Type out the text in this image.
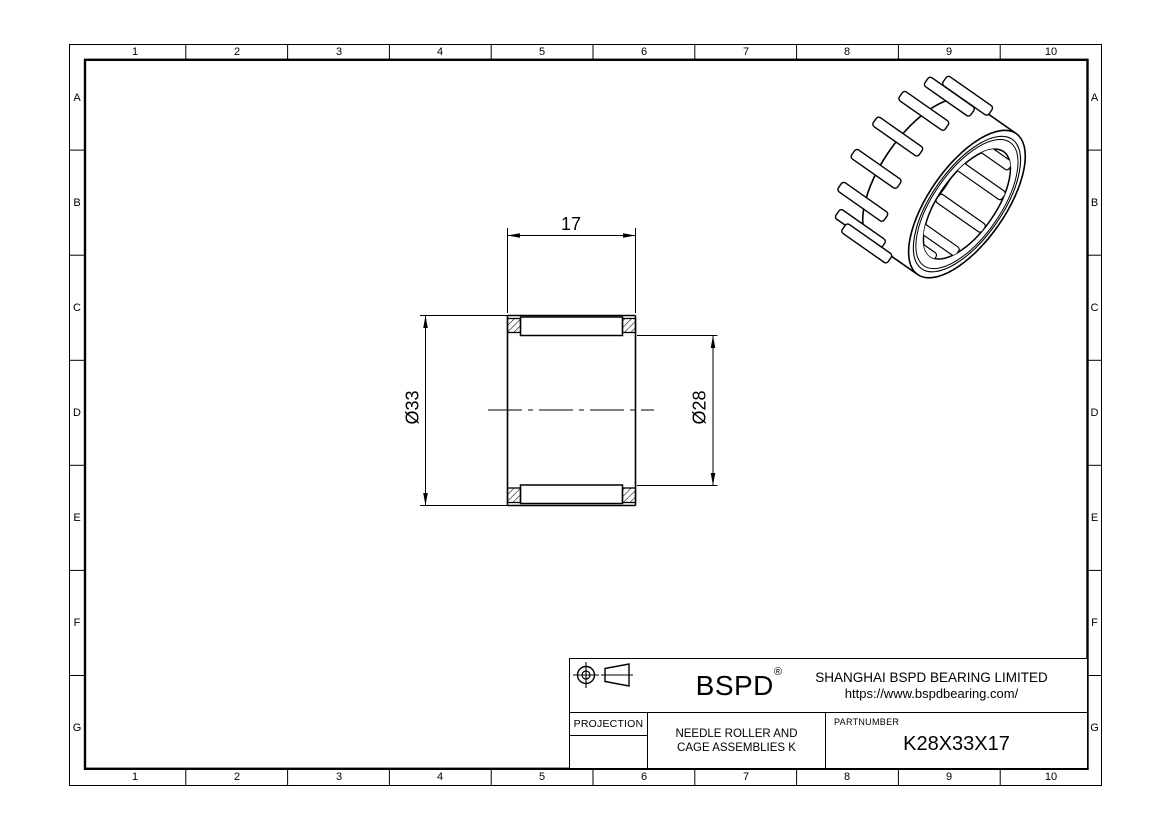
1	2	3	4	5	6	7	8	9	10
1	2	3	4	5	6	7	8	9	10
A
B
C
D
E
F
G
A
B
C
D
E
F
G
17
Ø33	Ø28
BSPD ®	SHANGHAI BSPD BEARING LIMITED
https://www.bspdbearing.com/
PROJECTION
NEEDLE ROLLER AND
CAGE ASSEMBLIES K
PARTNUMBER
K28X33X17
